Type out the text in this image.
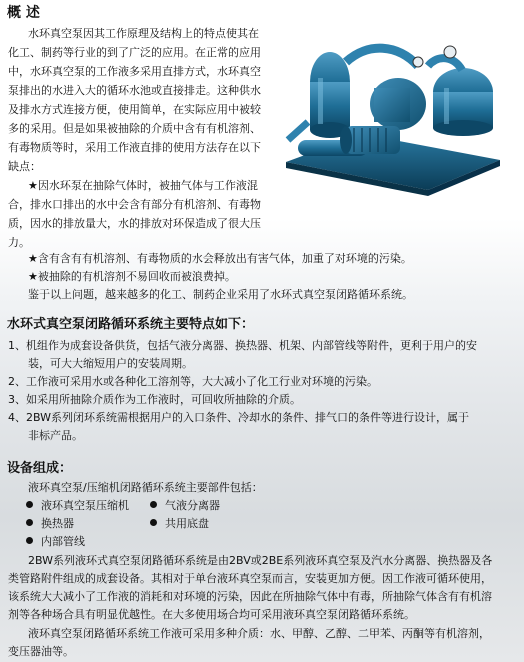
概 述
水环真空泵因其工作原理及结构上的特点使其在
化工、制药等行业的到了广泛的应用。在正常的应用
中，水环真空泵的工作液多采用直排方式，水环真空
泵排出的水进入大的循环水池或直接排走。这种供水
及排水方式连接方便，使用简单，在实际应用中被较
多的采用。但是如果被抽除的介质中含有有机溶剂、
有毒物质等时，采用工作液直排的使用方法存在以下
缺点：
★因水环泵在抽除气体时，被抽气体与工作液混
合，排水口排出的水中会含有部分有机溶剂、有毒物
质，因水的排放量大，水的排放对环保造成了很大压
力。
★含有含有有机溶剂、有毒物质的水会释放出有害气体，加重了对环境的污染。
★被抽除的有机溶剂不易回收而被浪费掉。
鉴于以上问题，越来越多的化工、制药企业采用了水环式真空泵闭路循环系统。
水环式真空泵闭路循环系统主要特点如下：
1、机组作为成套设备供货，包括气液分离器、换热器、机架、内部管线等附件，更利于用户的安
装，可大大缩短用户的安装周期。
2、工作液可采用水或各种化工溶剂等，大大减小了化工行业对环境的污染。
3、如采用所抽除介质作为工作液时，可回收所抽除的介质。
4、2BW系列闭环系统需根据用户的入口条件、冷却水的条件、排气口的条件等进行设计，属于
非标产品。
设备组成：
液环真空泵/压缩机闭路循环系统主要部件包括：
液环真空泵压缩机	气液分离器
换热器	共用底盘
内部管线
2BW系列液环式真空泵闭路循环系统是由2BV或2BE系列液环真空泵及汽水分离器、换热器及各
类管路附件组成的成套设备。其相对于单台液环真空泵而言，安装更加方便。因工作液可循环使用，
该系统大大减小了工作液的消耗和对环境的污染，因此在所抽除气体中有毒，所抽除气体含有有机溶
剂等各种场合具有明显优越性。在大多使用场合均可采用液环真空泵闭路循环系统。
液环真空泵闭路循环系统工作液可采用多种介质：水、甲醇、乙醇、二甲苯、丙酮等有机溶剂，
变压器油等。
